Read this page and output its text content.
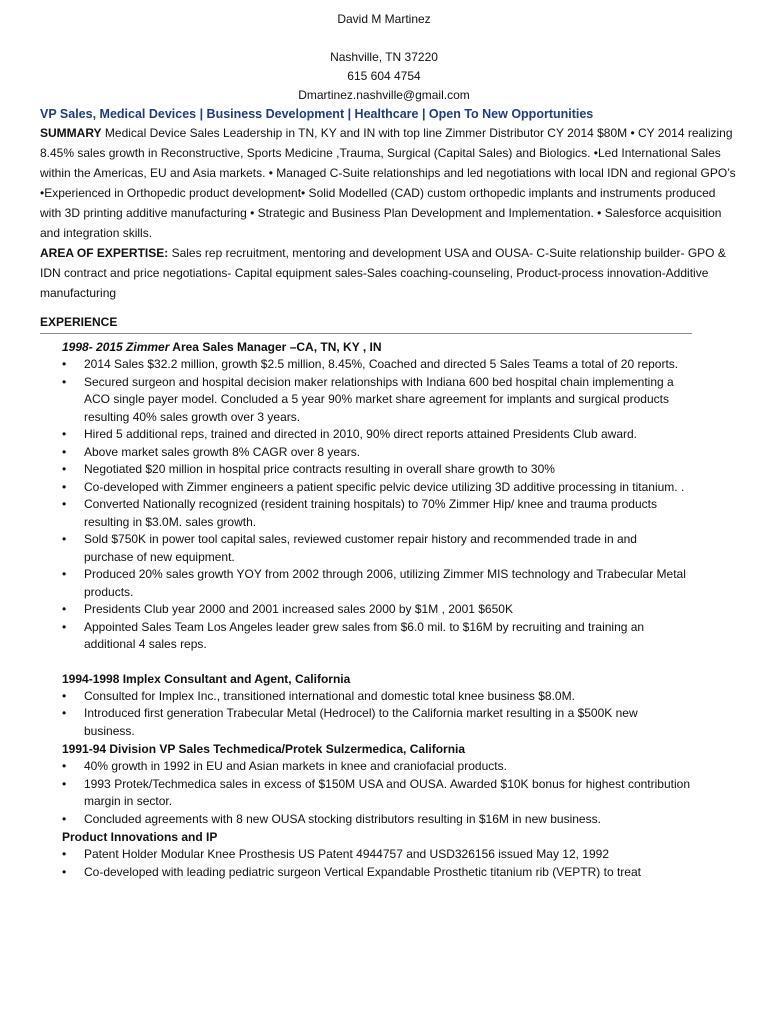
David M Martinez
Nashville, TN 37220
615 604 4754
Dmartinez.nashville@gmail.com
VP Sales, Medical Devices | Business Development | Healthcare | Open To New Opportunities
SUMMARY Medical Device Sales Leadership in TN, KY and IN with top line Zimmer Distributor CY 2014 $80M • CY 2014 realizing 8.45% sales growth in Reconstructive, Sports Medicine ,Trauma, Surgical (Capital Sales) and Biologics. •Led International Sales within the Americas, EU and Asia markets. • Managed C-Suite relationships and led negotiations with local IDN and regional GPO’s •Experienced in Orthopedic product development• Solid Modelled (CAD) custom orthopedic implants and instruments produced with 3D printing additive manufacturing • Strategic and Business Plan Development and Implementation. • Salesforce acquisition and integration skills.
AREA OF EXPERTISE: Sales rep recruitment, mentoring and development USA and OUSA- C-Suite relationship builder- GPO & IDN contract and price negotiations- Capital equipment sales-Sales coaching-counseling, Product-process innovation-Additive manufacturing
EXPERIENCE
1998- 2015 Zimmer Area Sales Manager –CA, TN, KY , IN
• 2014 Sales $32.2 million, growth $2.5 million, 8.45%, Coached and directed 5 Sales Teams a total of 20 reports.
• Secured surgeon and hospital decision maker relationships with Indiana 600 bed hospital chain implementing a ACO single payer model. Concluded a 5 year 90% market share agreement for implants and surgical products resulting 40% sales growth over 3 years.
• Hired 5 additional reps, trained and directed in 2010, 90% direct reports attained Presidents Club award.
• Above market sales growth 8% CAGR over 8 years.
• Negotiated $20 million in hospital price contracts resulting in overall share growth to 30%
• Co-developed with Zimmer engineers a patient specific pelvic device utilizing 3D additive processing in titanium. .
• Converted Nationally recognized (resident training hospitals) to 70% Zimmer Hip/ knee and trauma products resulting in $3.0M. sales growth.
• Sold $750K in power tool capital sales, reviewed customer repair history and recommended trade in and purchase of new equipment.
• Produced 20% sales growth YOY from 2002 through 2006, utilizing Zimmer MIS technology and Trabecular Metal products.
• Presidents Club year 2000 and 2001 increased sales 2000 by $1M , 2001 $650K
• Appointed Sales Team Los Angeles leader grew sales from $6.0 mil. to $16M by recruiting and training an additional 4 sales reps.
1994-1998 Implex Consultant and Agent, California
• Consulted for Implex Inc., transitioned international and domestic total knee business $8.0M.
• Introduced first generation Trabecular Metal (Hedrocel) to the California market resulting in a $500K new business.
1991-94 Division VP Sales Techmedica/Protek Sulzermedica, California
• 40% growth in 1992 in EU and Asian markets in knee and craniofacial products.
• 1993 Protek/Techmedica sales in excess of $150M USA and OUSA. Awarded $10K bonus for highest contribution margin in sector.
• Concluded agreements with 8 new OUSA stocking distributors resulting in $16M in new business.
Product Innovations and IP
• Patent Holder Modular Knee Prosthesis US Patent 4944757 and USD326156 issued May 12, 1992
• Co-developed with leading pediatric surgeon Vertical Expandable Prosthetic titanium rib (VEPTR) to treat
